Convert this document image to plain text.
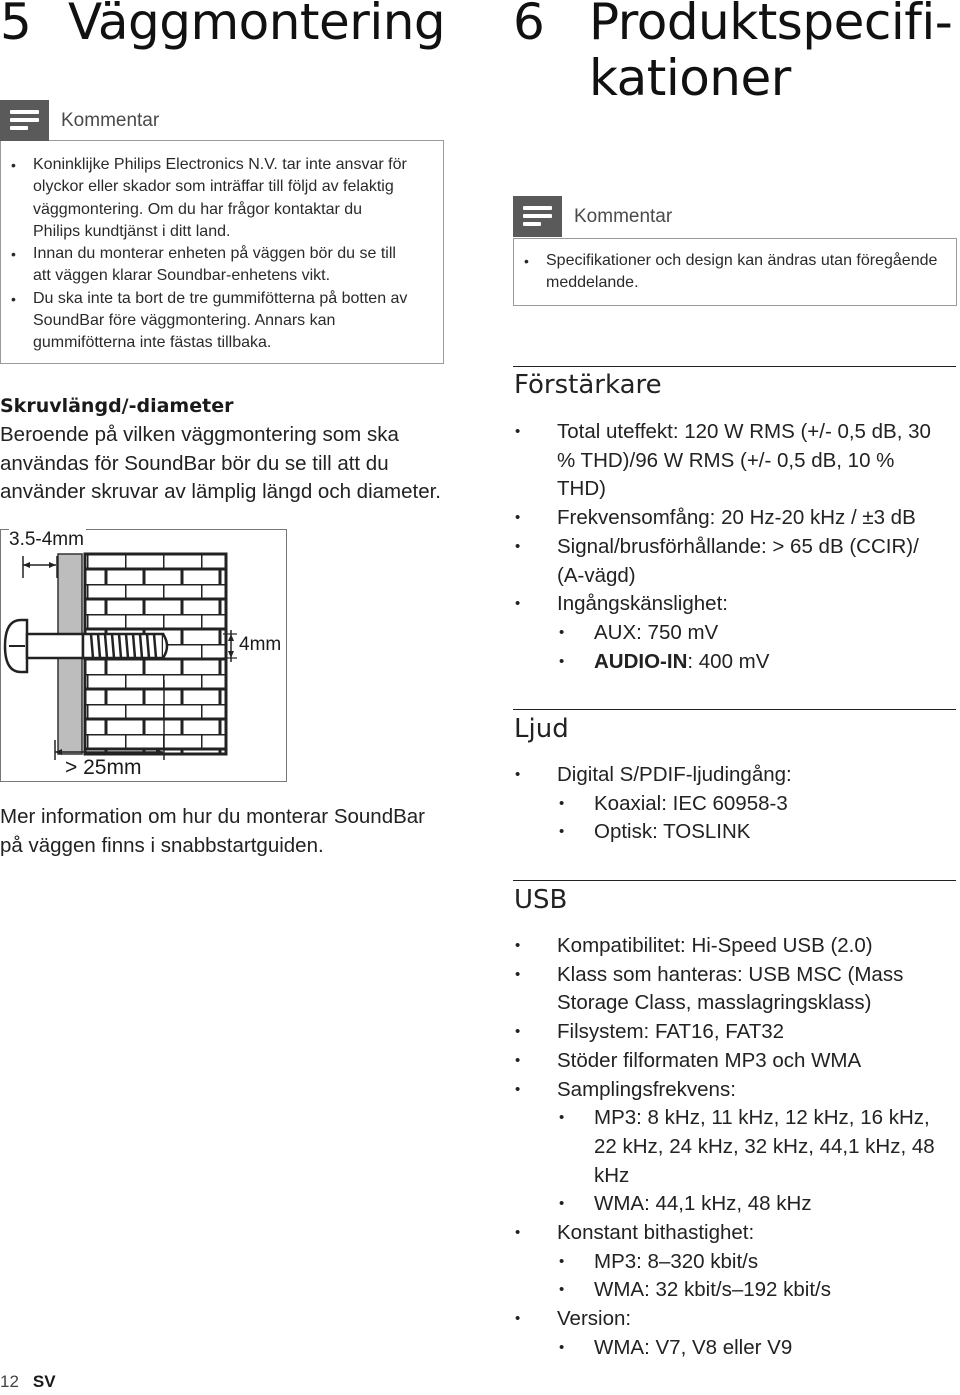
5 Väggmontering
• Koninklijke Philips Electronics N.V. tar inte ansvar för olyckor eller skador som inträffar till följd av felaktig väggmontering. Om du har frågor kontaktar du Philips kundtjänst i ditt land.
• Innan du monterar enheten på väggen bör du se till att väggen klarar Soundbar-enhetens vikt.
• Du ska inte ta bort de tre gummifötterna på botten av SoundBar före väggmontering. Annars kan gummifötterna inte fästas tillbaka.
Kommentar
Skruvlängd/-diameter
Beroende på vilken väggmontering som ska användas för SoundBar bör du se till att du använder skruvar av lämplig längd och diameter.
3.5-4mm
4mm
> 25mm
Mer information om hur du monterar SoundBar på väggen finns i snabbstartguiden.
6 Produktspecifi-
kationer
• Specifikationer och design kan ändras utan föregående meddelande.
Kommentar
Förstärkare
• Total uteffekt: 120 W RMS (+/- 0,5 dB, 30 % THD)/96 W RMS (+/- 0,5 dB, 10 % THD)
• Frekvensomfång: 20 Hz-20 kHz / ±3 dB
• Signal/brusförhållande: > 65 dB (CCIR)/ (A-vägd)
• Ingångskänslighet:
• AUX: 750 mV
• AUDIO-IN: 400 mV
Ljud
• Digital S/PDIF-ljudingång:
• Koaxial: IEC 60958-3
• Optisk: TOSLINK
USB
• Kompatibilitet: Hi-Speed USB (2.0)
• Klass som hanteras: USB MSC (Mass Storage Class, masslagringsklass)
• Filsystem: FAT16, FAT32
• Stöder filformaten MP3 och WMA
• Samplingsfrekvens:
• MP3: 8 kHz, 11 kHz, 12 kHz, 16 kHz, 22 kHz, 24 kHz, 32 kHz, 44,1 kHz, 48 kHz
• WMA: 44,1 kHz, 48 kHz
• Konstant bithastighet:
• MP3: 8–320 kbit/s
• WMA: 32 kbit/s–192 kbit/s
• Version:
• WMA: V7, V8 eller V9
12 SV
